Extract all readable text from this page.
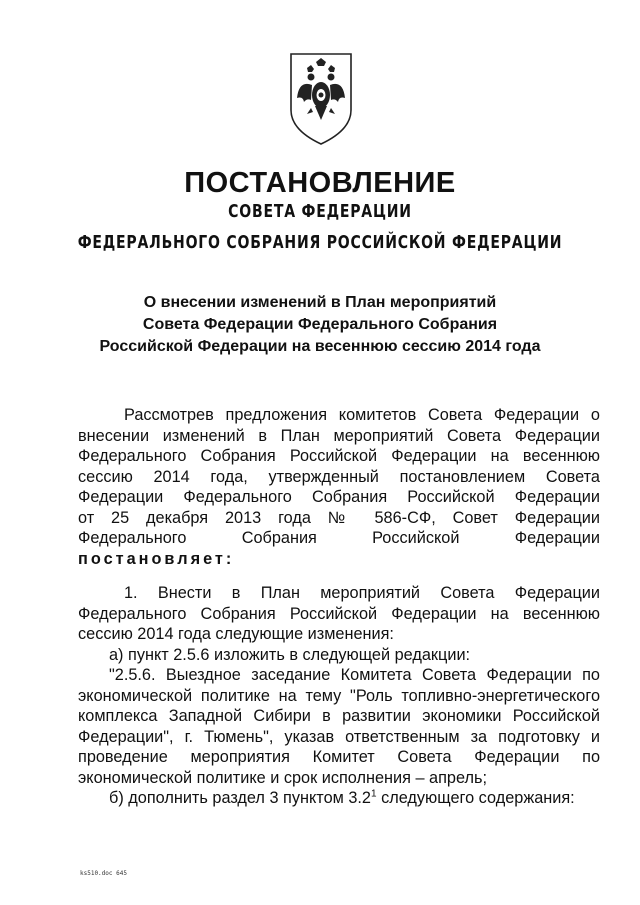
ПОСТАНОВЛЕНИЕ
СОВЕТА ФЕДЕРАЦИИ
ФЕДЕРАЛЬНОГО СОБРАНИЯ РОССИЙСКОЙ ФЕДЕРАЦИИ
О внесении изменений в План мероприятий
Совета Федерации Федерального Собрания
Российской Федерации на весеннюю сессию 2014 года
Рассмотрев предложения комитетов Совета Федерации о
внесении изменений в План мероприятий Совета Федерации
Федерального Собрания Российской Федерации на весеннюю
сессию 2014 года, утвержденный постановлением Совета
Федерации Федерального Собрания Российской Федерации
от 25 декабря 2013 года № 586-СФ, Совет Федерации
Федерального Собрания Российской Федерации
постановляет:
1. Внести в План мероприятий Совета Федерации
Федерального Собрания Российской Федерации на весеннюю
сессию 2014 года следующие изменения:
а) пункт 2.5.6 изложить в следующей редакции:
"2.5.6. Выездное заседание Комитета Совета Федерации по
экономической политике на тему "Роль топливно-энергетического
комплекса Западной Сибири в развитии экономики Российской
Федерации", г. Тюмень", указав ответственным за подготовку и
проведение мероприятия Комитет Совета Федерации по
экономической политике и срок исполнения – апрель;
б) дополнить раздел 3 пунктом $3.2^1$ следующего содержания:
ks510.doc 645
